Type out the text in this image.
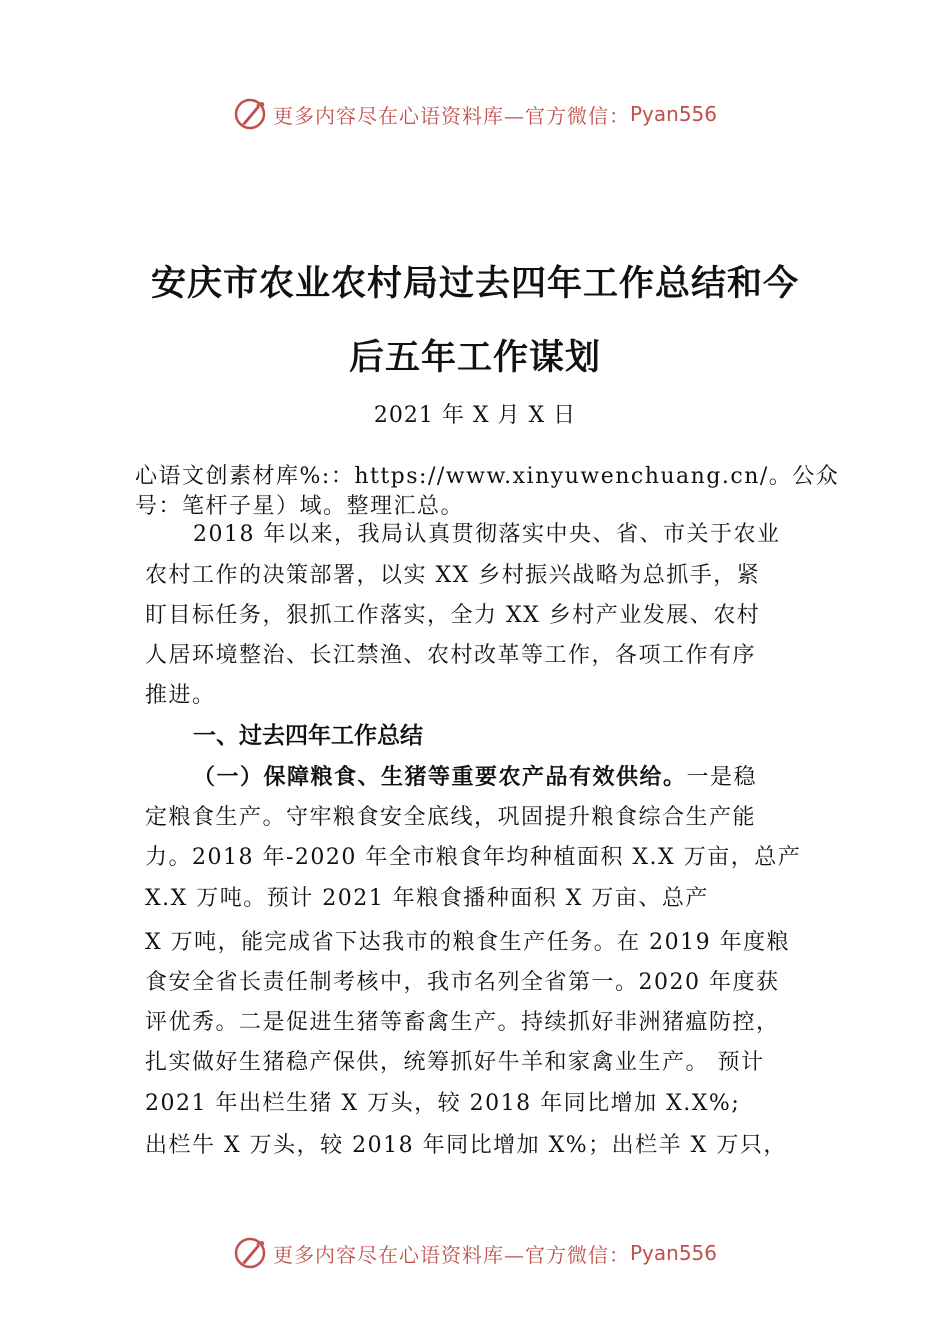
更多内容尽在心语资料库—官方微信： Pyan556
安庆市农业农村局过去四年工作总结和今
后五年工作谋划
2021 年 X 月 X 日
心语文创素材库%:：https://www.xinyuwenchuang.cn/。公众
号：笔杆子星）域。整理汇总。
2018 年以来，我局认真贯彻落实中央、省、市关于农业
农村工作的决策部署，以实 XX 乡村振兴战略为总抓手，紧
盯目标任务，狠抓工作落实，全力 XX 乡村产业发展、农村
人居环境整治、长江禁渔、农村改革等工作，各项工作有序
推进。
一、过去四年工作总结
（一）保障粮食、生猪等重要农产品有效供给。一是稳
定粮食生产。守牢粮食安全底线，巩固提升粮食综合生产能
力。2018 年-2020 年全市粮食年均种植面积 X.X 万亩，总产
X.X 万吨。预计 2021 年粮食播种面积 X 万亩、总产
X 万吨，能完成省下达我市的粮食生产任务。在 2019 年度粮
食安全省长责任制考核中，我市名列全省第一。2020 年度获
评优秀。二是促进生猪等畜禽生产。持续抓好非洲猪瘟防控，
扎实做好生猪稳产保供，统筹抓好牛羊和家禽业生产。 预计
2021 年出栏生猪 X 万头，较 2018 年同比增加 X.X%;
出栏牛 X 万头，较 2018 年同比增加 X%；出栏羊 X 万只，
更多内容尽在心语资料库—官方微信： Pyan556
